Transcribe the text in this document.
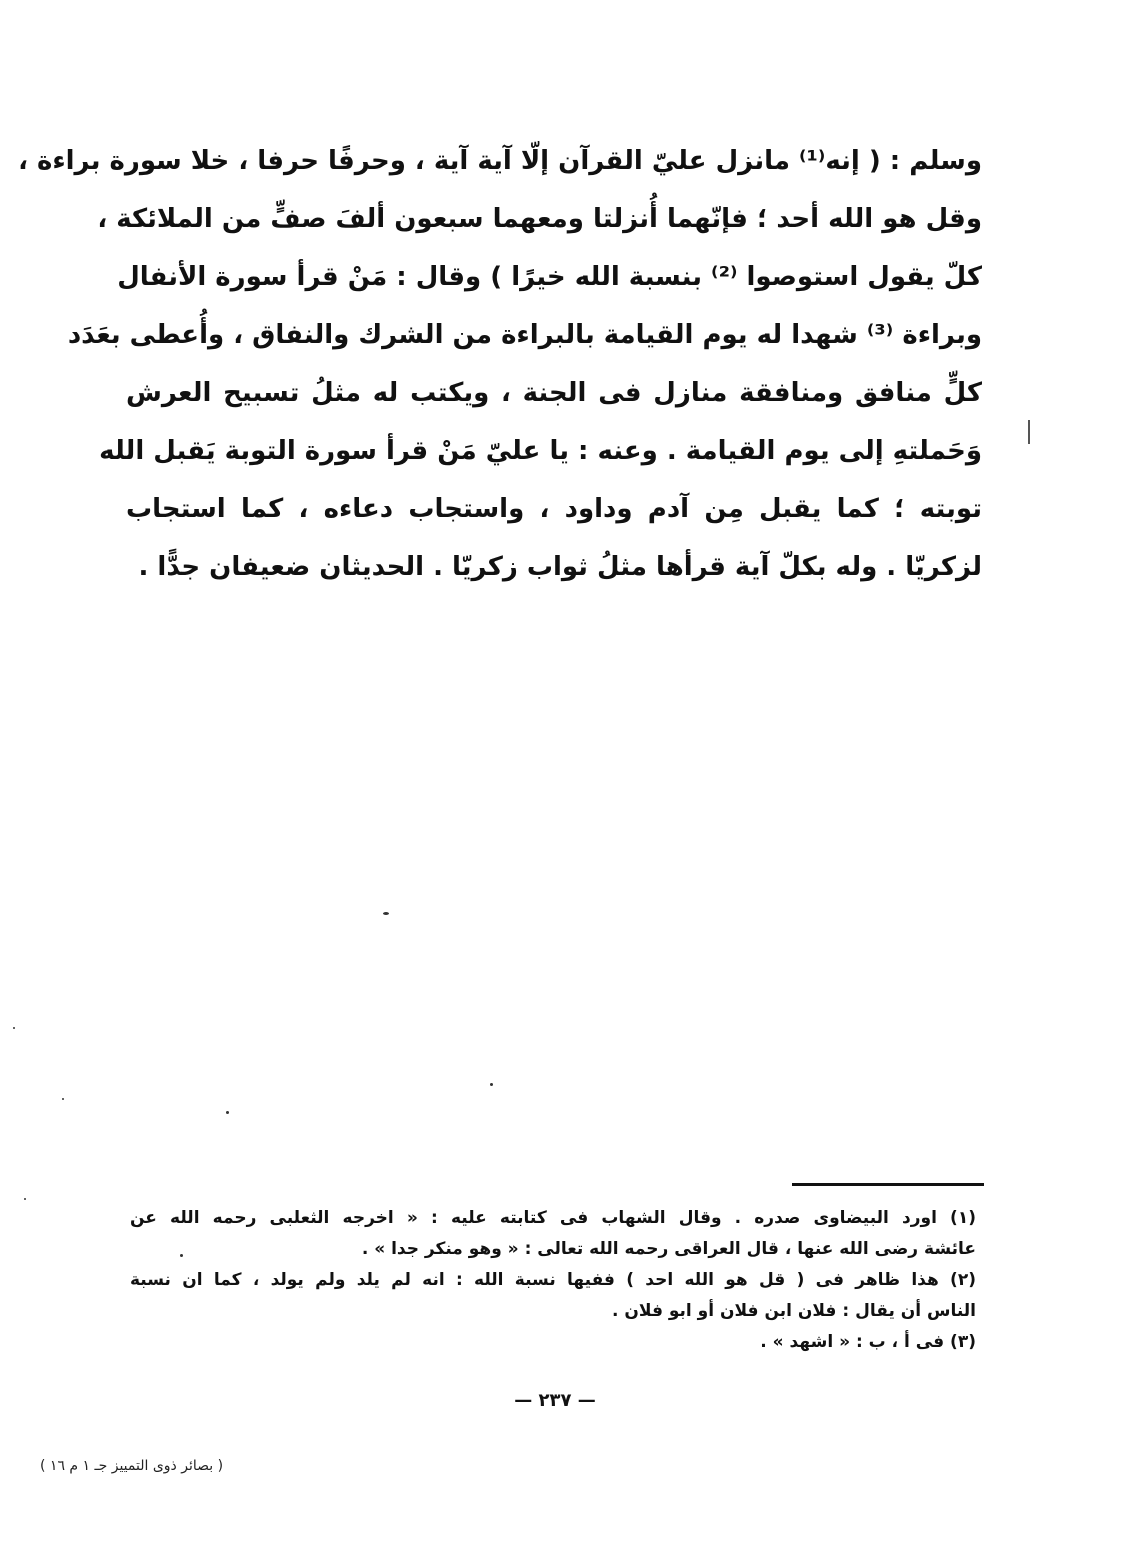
وسلم : ( إنه⁽¹⁾ مانزل عليّ القرآن إلّا آية آية ، وحرفًا حرفا ، خلا سورة براءة ،
وقل هو الله أحد ؛ فإنّهما أُنزلتا ومعهما سبعون ألفَ صفٍّ من الملائكة ،
كلّ يقول استوصوا ⁽²⁾ بنسبة الله خيرًا ) وقال : مَنْ قرأ سورة الأنفال
وبراءة ⁽³⁾ شهدا له يوم القيامة بالبراءة من الشرك والنفاق ، وأُعطى بعَدَد
كلٍّ منافق ومنافقة منازل فى الجنة ، ويكتب له مثلُ تسبيح العرش
وَحَملتهِ إلى يوم القيامة . وعنه : يا عليّ مَنْ قرأ سورة التوبة يَقبل الله
توبته ؛ كما يقبل مِن آدم وداود ، واستجاب دعاءه ، كما استجاب
لزكريّا . وله بكلّ آية قرأها مثلُ ثواب زكريّا . الحديثان ضعيفان جدًّا .
(١) اورد البيضاوى صدره . وقال الشهاب فى كتابته عليه : « اخرجه الثعلبى رحمه الله عن
عائشة رضى الله عنها ، قال العراقى رحمه الله تعالى : « وهو منكر جدا » .
(٢) هذا ظاهر فى ( قل هو الله احد ) ففيها نسبة الله : انه لم يلد ولم يولد ، كما ان نسبة
الناس أن يقال : فلان ابن فلان أو ابو فلان .
(٣) فى أ ، ب : « اشهد » .
— ٢٣٧ —
( بصائر ذوى التمييز جـ ١ م ١٦ )
